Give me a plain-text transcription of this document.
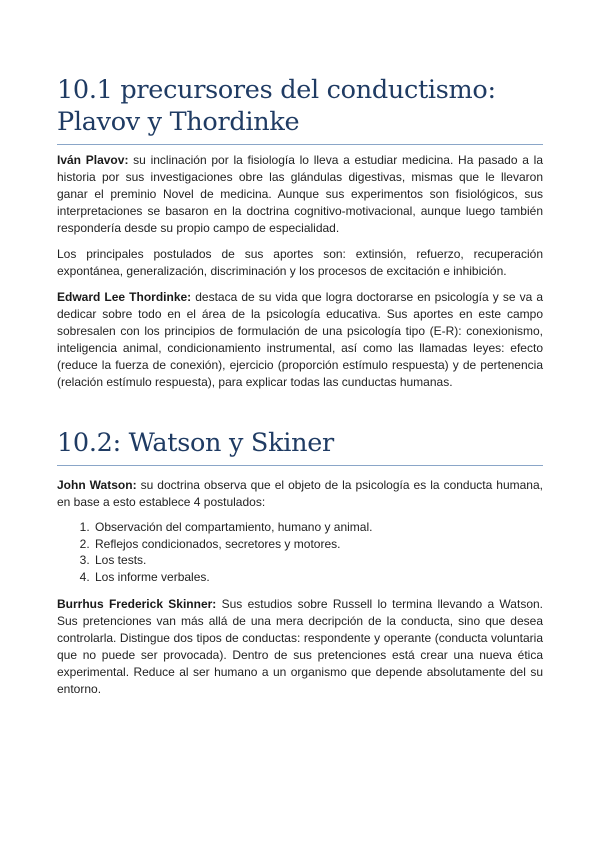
10.1 precursores del conductismo: Plavov y Thordinke

Iván Plavov: su inclinación por la fisiología lo lleva a estudiar medicina. Ha pasado a la historia por sus investigaciones obre las glándulas digestivas, mismas que le llevaron ganar el preminio Novel de medicina. Aunque sus experimentos son fisiológicos, sus interpretaciones se basaron en la doctrina cognitivo-motivacional, aunque luego también respondería desde su propio campo de especialidad.

Los principales postulados de sus aportes son: extinsión, refuerzo, recuperación expontánea, generalización, discriminación y los procesos de excitación e inhibición.

Edward Lee Thordinke: destaca de su vida que logra doctorarse en psicología y se va a dedicar sobre todo en el área de la psicología educativa. Sus aportes en este campo sobresalen con los principios de formulación de una psicología tipo (E-R): conexionismo, inteligencia animal, condicionamiento instrumental, así como las llamadas leyes: efecto (reduce la fuerza de conexión), ejercicio (proporción estímulo respuesta) y de pertenencia (relación estímulo respuesta), para explicar todas las cunductas humanas.

10.2: Watson y Skiner

John Watson: su doctrina observa que el objeto de la psicología es la conducta humana, en base a esto establece 4 postulados:

1. Observación del compartamiento, humano y animal.
2. Reflejos condicionados, secretores y motores.
3. Los tests.
4. Los informe verbales.

Burrhus Frederick Skinner: Sus estudios sobre Russell lo termina llevando a Watson. Sus pretenciones van más allá de una mera decripción de la conducta, sino que desea controlarla. Distingue dos tipos de conductas: respondente y operante (conducta voluntaria que no puede ser provocada). Dentro de sus pretenciones está crear una nueva ética experimental. Reduce al ser humano a un organismo que depende absolutamente del su entorno.
